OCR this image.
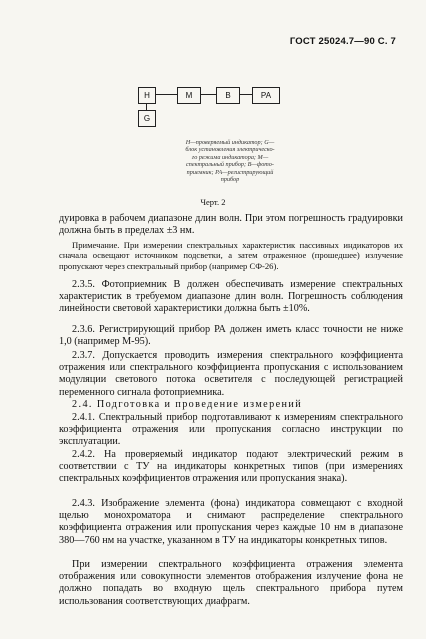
ГОСТ 25024.7—90 С. 7
Н	М	В	РА
G
Н—проверяемый индикатор; G—
блок установления электрическо-
го режима индикатора; М—
спектральный прибор; В—фото-
приемник; РА—регистрирующий
прибор
Черт. 2

дуировка в рабочем диапазоне длин волн. При этом погрешность градуировки должна быть в пределах ±3 нм.

Примечание. При измерении спектральных характеристик пассивных индикаторов их сначала освещают источником подсветки, а затем отраженное (прошедшее) излучение пропускают через спектральный прибор (например СФ-26).

2.3.5. Фотоприемник В должен обеспечивать измерение спектральных характеристик в требуемом диапазоне длин волн. Погрешность соблюдения линейности световой характеристики должна быть ±10%.

2.3.6. Регистрирующий прибор РА должен иметь класс точности не ниже 1,0 (например М-95).

2.3.7. Допускается проводить измерения спектрального коэффициента отражения или спектрального коэффициента пропускания с использованием модуляции светового потока осветителя с последующей регистрацией переменного сигнала фотоприемника.

2.4. Подготовка и проведение измерений

2.4.1. Спектральный прибор подготавливают к измерениям спектрального коэффициента отражения или пропускания согласно инструкции по эксплуатации.

2.4.2. На проверяемый индикатор подают электрический режим в соответствии с ТУ на индикаторы конкретных типов (при измерениях спектральных коэффициентов отражения или пропускания знака).

2.4.3. Изображение элемента (фона) индикатора совмещают с входной щелью монохроматора и снимают распределение спектрального коэффициента отражения или пропускания через каждые 10 нм в диапазоне 380—760 нм на участке, указанном в ТУ на индикаторы конкретных типов.

При измерении спектрального коэффициента отражения элемента отображения или совокупности элементов отображения излучение фона не должно попадать во входную щель спектрального прибора путем использования соответствующих диафрагм.
